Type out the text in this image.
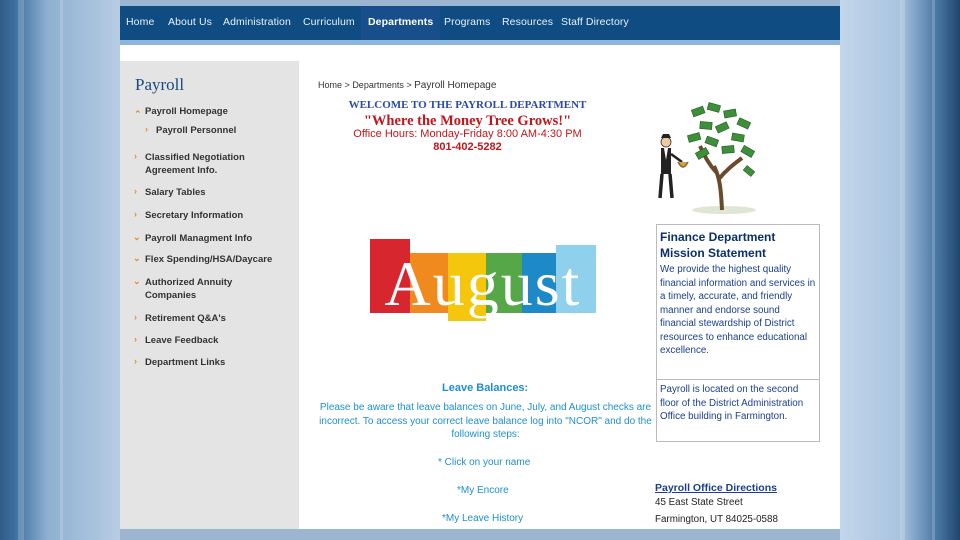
Home About Us Administration Curriculum	Departments	Programs Resources Staff Directory
Payroll
⌃ Payroll Homepage
› Payroll Personnel
› Classified Negotiation Agreement Info.
› Salary Tables
› Secretary Information
⌄ Payroll Managment Info
⌄ Flex Spending/HSA/Daycare
⌄ Authorized Annuity Companies
› Retirement Q&A's
› Leave Feedback
› Department Links
Home > Departments > Payroll Homepage
WELCOME TO THE PAYROLL DEPARTMENT
"Where the Money Tree Grows!"
Office Hours: Monday-Friday 8:00 AM-4:30 PM
801-402-5282
August
Leave Balances:
Please be aware that leave balances on June, July, and August checks are incorrect. To access your correct leave balance log into "NCOR" and do the following steps:
* Click on your name
*My Encore
*My Leave History
Finance Department Mission Statement
We provide the highest quality financial information and services in a timely, accurate, and friendly manner and endorse sound financial stewardship of District resources to enhance educational excellence.
Payroll is located on the second floor of the District Administration Office building in Farmington.
Payroll Office Directions
45 East State Street
Farmington, UT 84025-0588
